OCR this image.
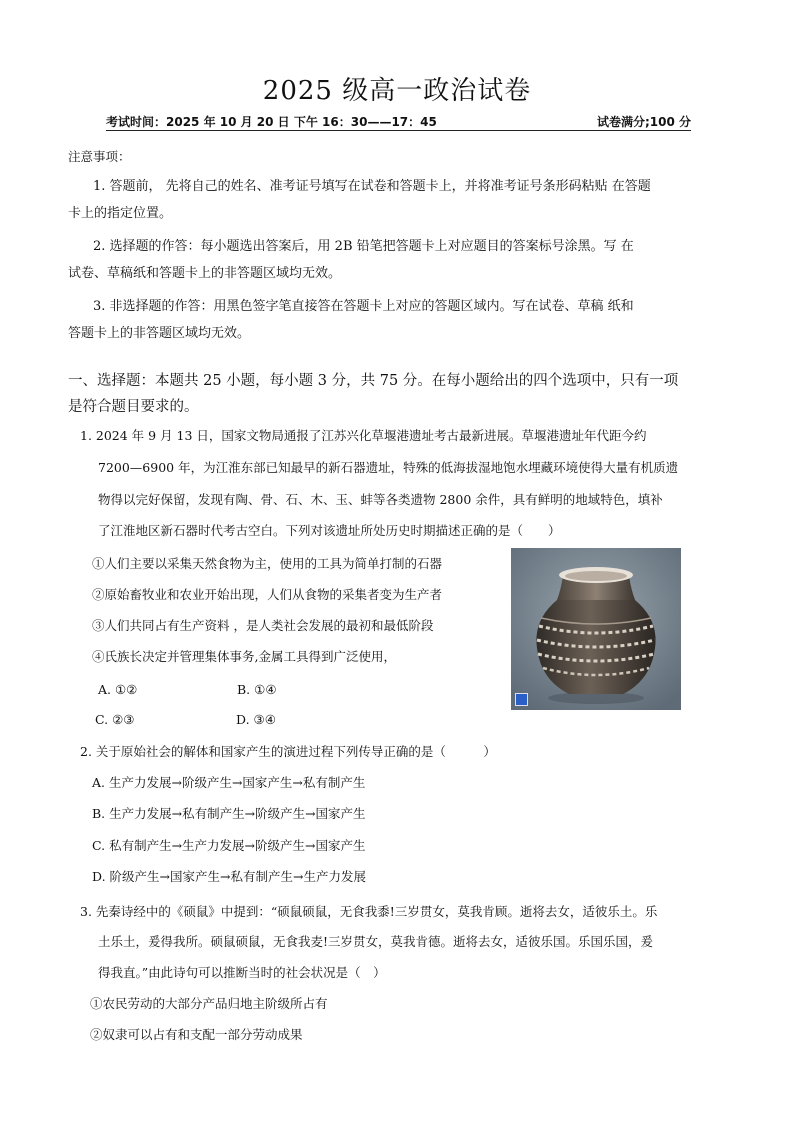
2025 级高一政治试卷
考试时间：2025 年 10 月 20 日 下午 16：30——17：45	试卷满分;100 分
注意事项：
1. 答题前， 先将自己的姓名、准考证号填写在试卷和答题卡上，并将准考证号条形码粘贴 在答题
卡上的指定位置。
2. 选择题的作答：每小题选出答案后，用 2B 铅笔把答题卡上对应题目的答案标号涂黑。写 在
试卷、草稿纸和答题卡上的非答题区域均无效。
3. 非选择题的作答：用黑色签字笔直接答在答题卡上对应的答题区域内。写在试卷、草稿 纸和
答题卡上的非答题区域均无效。
一、选择题：本题共 25 小题，每小题 3 分，共 75 分。在每小题给出的四个选项中，只有一项
是符合题目要求的。
1. 2024 年 9 月 13 日，国家文物局通报了江苏兴化草堰港遗址考古最新进展。草堰港遗址年代距今约
7200—6900 年，为江淮东部已知最早的新石器遗址，特殊的低海拔湿地饱水埋藏环境使得大量有机质遗
物得以完好保留，发现有陶、骨、石、木、玉、蚌等各类遗物 2800 余件，具有鲜明的地域特色，填补
了江淮地区新石器时代考古空白。下列对该遗址所处历史时期描述正确的是（　　）
①人们主要以采集天然食物为主，使用的工具为简单打制的石器
②原始畜牧业和农业开始出现，人们从食物的采集者变为生产者
③人们共同占有生产资料 ，是人类社会发展的最初和最低阶段
④氏族长决定并管理集体事务,金属工具得到广泛使用，
A. ①②	B. ①④
C. ②③	D. ③④
2. 关于原始社会的解体和国家产生的演进过程下列传导正确的是（　　　）
A. 生产力发展→阶级产生→国家产生→私有制产生
B. 生产力发展→私有制产生→阶级产生→国家产生
C. 私有制产生→生产力发展→阶级产生→国家产生
D. 阶级产生→国家产生→私有制产生→生产力发展
3. 先秦诗经中的《硕鼠》中提到：“硕鼠硕鼠，无食我黍!三岁贯女，莫我肯顾。逝将去女，适彼乐土。乐
土乐土，爰得我所。硕鼠硕鼠，无食我麦!三岁贯女，莫我肯德。逝将去女，适彼乐国。乐国乐国，爰
得我直。”由此诗句可以推断当时的社会状况是（　）
①农民劳动的大部分产品归地主阶级所占有
②奴隶可以占有和支配一部分劳动成果
